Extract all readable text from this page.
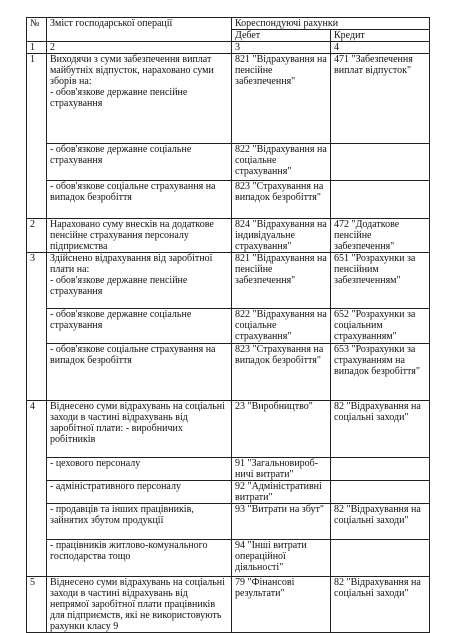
№	Зміст господарської операції	Кореспондуючі рахунки	
		Дебет	Кредит
1	2	3	4
1	Виходячи з суми забезпечення виплат майбутніх відпусток, нараховано суми зборів на:
- обов'язкове державне пенсійне страхування	821 "Відрахування на пенсійне забезпечення"	471 "Забезпечення виплат відпусток"
	- обов'язкове державне соціальне страхування	822 "Відрахування на соціальне страхування"	
	- обов'язкове соціальне страхування на випадок безробіття	823 "Страхування на випадок безробіття"	
2	Нараховано суму внесків на додаткове пенсійне страхування персоналу підприємства	824 "Відрахування на індивідуальне страхування"	472 "Додаткове пенсійне забезпечення"
3	Здійснено відрахування від заробітної плати на:
- обов'язкове державне пенсійне страхування	821 "Відрахування на пенсійне забезпечення"	651 "Розрахунки за пенсійним забезпеченням"
	- обов'язкове державне соціальне страхування	822 "Відрахування на соціальне страхування"	652 "Розрахунки за соціальним страхуванням"
	- обов'язкове соціальне страхування на випадок безробіття	823 "Страхування на випадок безробіття"	653 "Розрахунки за страхуванням на випадок безробіття"
4	Віднесено суми відрахувань на соціальні заходи в частині відрахувань від заробітної плати: - виробничих робітників	23 "Виробництво"	82 "Відрахування на соціальні заходи"
	- цехового персоналу	91 "Загальновироб-ничі витрати"	
	- адміністративного персоналу	92 "Адміністративні витрати"	
	- продавців та інших працівників, зайнятих збутом продукції	93 "Витрати на збут"	82 "Відрахування на соціальні заходи"
	- працівників житлово-комунального господарства тощо	94 "Інші витрати операційної діяльності"	
5	Віднесено суми відрахувань на соціальні заходи в частині відрахувань від непрямої заробітної плати працівників для підприємств, які не використовують рахунки класу 9	79 "Фінансові результати"	82 "Відрахування на соціальні заходи"
